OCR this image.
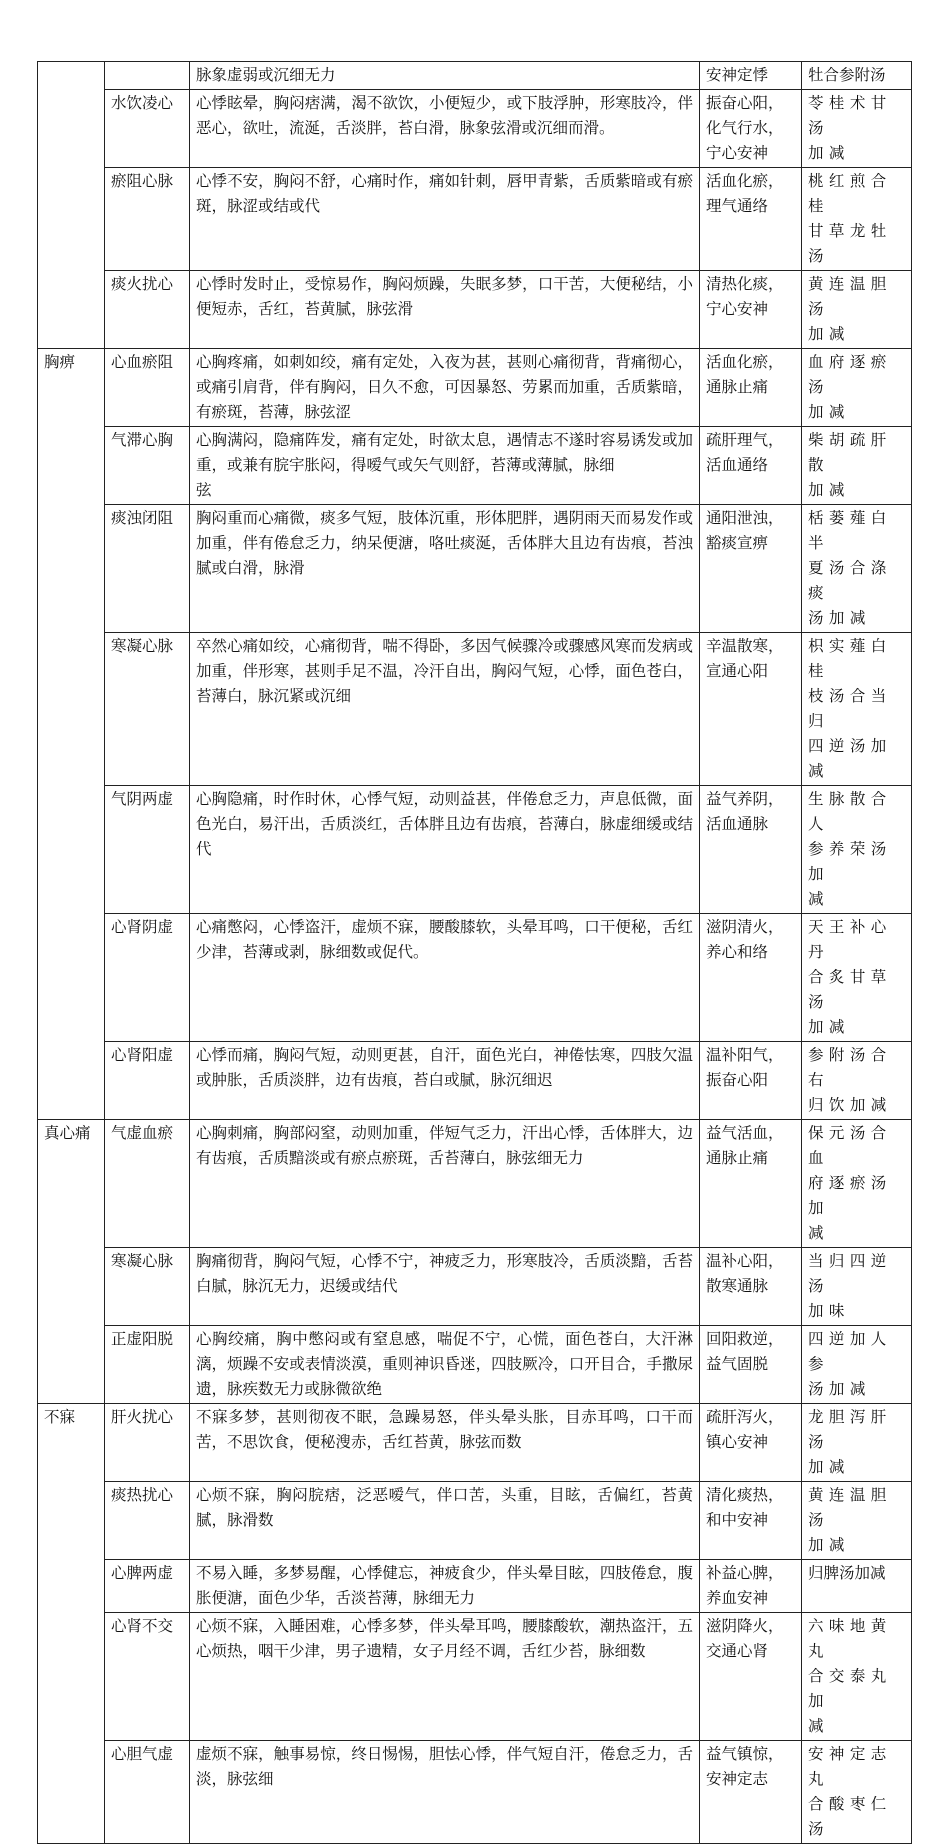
		脉象虚弱或沉细无力	安神定悸	牡合参附汤

	水饮凌心	心悸眩晕，胸闷痞满，渴不欲饮，小便短少，或下肢浮肿，形寒肢冷，伴恶心，欲吐，流涎，舌淡胖，苔白滑，脉象弦滑或沉细而滑。	振奋心阳，
化气行水，
宁心安神	苓桂术甘汤
加减

	瘀阻心脉	心悸不安，胸闷不舒，心痛时作，痛如针刺，唇甲青紫，舌质紫暗或有瘀斑，脉涩或结或代	活血化瘀，
理气通络	桃红煎合桂
甘草龙牡汤

	痰火扰心	心悸时发时止，受惊易作，胸闷烦躁，失眠多梦，口干苦，大便秘结，小便短赤，舌红，苔黄腻，脉弦滑	清热化痰，
宁心安神	黄连温胆汤
加减

胸痹	心血瘀阻	心胸疼痛，如刺如绞，痛有定处，入夜为甚，甚则心痛彻背，背痛彻心，或痛引肩背，伴有胸闷，日久不愈，可因暴怒、劳累而加重，舌质紫暗，有瘀斑，苔薄，脉弦涩	活血化瘀，
通脉止痛	血府逐瘀汤
加减

	气滞心胸	心胸满闷，隐痛阵发，痛有定处，时欲太息，遇情志不遂时容易诱发或加重，或兼有脘宇胀闷，得嗳气或矢气则舒，苔薄或薄腻，脉细
弦	疏肝理气，
活血通络	柴胡疏肝散
加减

	痰浊闭阻	胸闷重而心痛微，痰多气短，肢体沉重，形体肥胖，遇阴雨天而易发作或加重，伴有倦怠乏力，纳呆便溏，咯吐痰涎，舌体胖大且边有齿痕，苔浊腻或白滑，脉滑	通阳泄浊，
豁痰宣痹	栝蒌薤白半
夏汤合涤痰
汤加减

	寒凝心脉	卒然心痛如绞，心痛彻背，喘不得卧，多因气候骤冷或骤感风寒而发病或加重，伴形寒，甚则手足不温，冷汗自出，胸闷气短，心悸，面色苍白，苔薄白，脉沉紧或沉细	辛温散寒，
宣通心阳	枳实薤白桂
枝汤合当归
四逆汤加减

	气阴两虚	心胸隐痛，时作时休，心悸气短，动则益甚，伴倦怠乏力，声息低微，面色光白，易汗出，舌质淡红，舌体胖且边有齿痕，苔薄白，脉虚细缓或结代	益气养阴，
活血通脉	生脉散合人
参养荣汤加
减

	心肾阴虚	心痛憋闷，心悸盗汗，虚烦不寐，腰酸膝软，头晕耳鸣，口干便秘，舌红少津，苔薄或剥，脉细数或促代。	滋阴清火，
养心和络	天王补心丹
合炙甘草汤
加减

	心肾阳虚	心悸而痛，胸闷气短，动则更甚，自汗，面色光白，神倦怯寒，四肢欠温或肿胀，舌质淡胖，边有齿痕，苔白或腻，脉沉细迟	温补阳气，
振奋心阳	参附汤合右
归饮加减

真心痛	气虚血瘀	心胸刺痛，胸部闷窒，动则加重，伴短气乏力，汗出心悸，舌体胖大，边有齿痕，舌质黯淡或有瘀点瘀斑，舌苔薄白，脉弦细无力	益气活血，
通脉止痛	保元汤合血
府逐瘀汤加
减

	寒凝心脉	胸痛彻背，胸闷气短，心悸不宁，神疲乏力，形寒肢冷，舌质淡黯，舌苔白腻，脉沉无力，迟缓或结代	温补心阳，
散寒通脉	当归四逆汤
加味

	正虚阳脱	心胸绞痛，胸中憋闷或有窒息感，喘促不宁，心慌，面色苍白，大汗淋漓，烦躁不安或表情淡漠，重则神识昏迷，四肢厥冷，口开目合，手撒尿遗，脉疾数无力或脉微欲绝	回阳救逆，
益气固脱	四逆加人参
汤加减

不寐	肝火扰心	不寐多梦，甚则彻夜不眠，急躁易怒，伴头晕头胀，目赤耳鸣，口干而苦，不思饮食，便秘溲赤，舌红苔黄，脉弦而数	疏肝泻火，
镇心安神	龙胆泻肝汤
加减

	痰热扰心	心烦不寐，胸闷脘痞，泛恶嗳气，伴口苦，头重，目眩，舌偏红，苔黄腻，脉滑数	清化痰热，
和中安神	黄连温胆汤
加减

	心脾两虚	不易入睡，多梦易醒，心悸健忘，神疲食少，伴头晕目眩，四肢倦怠，腹胀便溏，面色少华，舌淡苔薄，脉细无力	补益心脾，
养血安神	归脾汤加减

	心肾不交	心烦不寐，入睡困难，心悸多梦，伴头晕耳鸣，腰膝酸软，潮热盗汗，五心烦热，咽干少津，男子遗精，女子月经不调，舌红少苔，脉细数	滋阴降火，
交通心肾	六味地黄丸
合交泰丸加
减

	心胆气虚	虚烦不寐，触事易惊，终日惕惕，胆怯心悸，伴气短自汗，倦怠乏力，舌淡，脉弦细	益气镇惊，
安神定志	安神定志丸
合酸枣仁汤
